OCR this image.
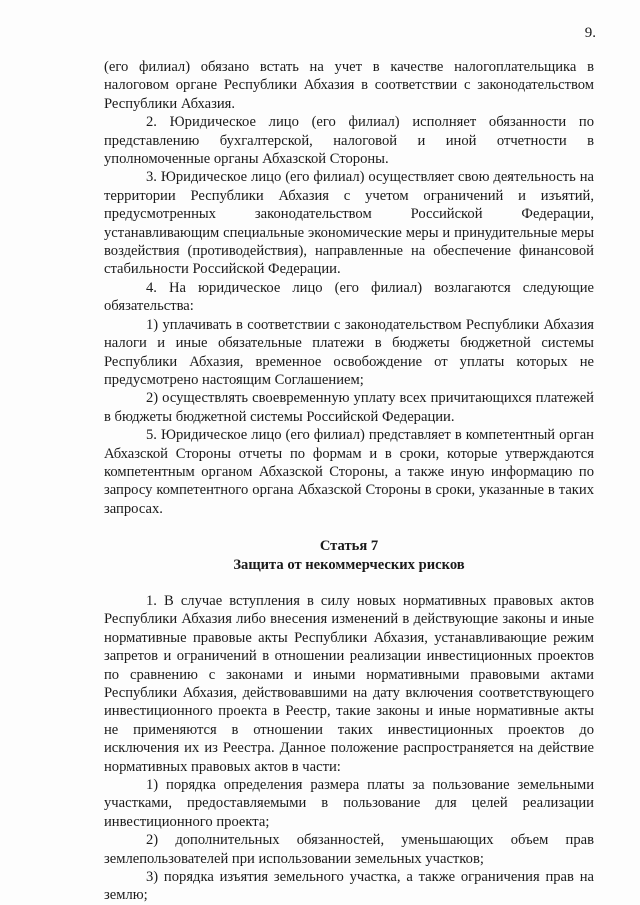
9.

(его филиал) обязано встать на учет в качестве налогоплательщика в налоговом органе Республики Абхазия в соответствии с законодательством Республики Абхазия.

2. Юридическое лицо (его филиал) исполняет обязанности по представлению бухгалтерской, налоговой и иной отчетности в уполномоченные органы Абхазской Стороны.

3. Юридическое лицо (его филиал) осуществляет свою деятельность на территории Республики Абхазия с учетом ограничений и изъятий, предусмотренных законодательством Российской Федерации, устанавливающим специальные экономические меры и принудительные меры воздействия (противодействия), направленные на обеспечение финансовой стабильности Российской Федерации.

4. На юридическое лицо (его филиал) возлагаются следующие обязательства:

1) уплачивать в соответствии с законодательством Республики Абхазия налоги и иные обязательные платежи в бюджеты бюджетной системы Республики Абхазия, временное освобождение от уплаты которых не предусмотрено настоящим Соглашением;

2) осуществлять своевременную уплату всех причитающихся платежей в бюджеты бюджетной системы Российской Федерации.

5. Юридическое лицо (его филиал) представляет в компетентный орган Абхазской Стороны отчеты по формам и в сроки, которые утверждаются компетентным органом Абхазской Стороны, а также иную информацию по запросу компетентного органа Абхазской Стороны в сроки, указанные в таких запросах.

Статья 7

Защита от некоммерческих рисков

1. В случае вступления в силу новых нормативных правовых актов Республики Абхазия либо внесения изменений в действующие законы и иные нормативные правовые акты Республики Абхазия, устанавливающие режим запретов и ограничений в отношении реализации инвестиционных проектов по сравнению с законами и иными нормативными правовыми актами Республики Абхазия, действовавшими на дату включения соответствующего инвестиционного проекта в Реестр, такие законы и иные нормативные акты не применяются в отношении таких инвестиционных проектов до исключения их из Реестра. Данное положение распространяется на действие нормативных правовых актов в части:

1) порядка определения размера платы за пользование земельными участками, предоставляемыми в пользование для целей реализации инвестиционного проекта;

2) дополнительных обязанностей, уменьшающих объем прав землепользователей при использовании земельных участков;

3) порядка изъятия земельного участка, а также ограничения прав на землю;
